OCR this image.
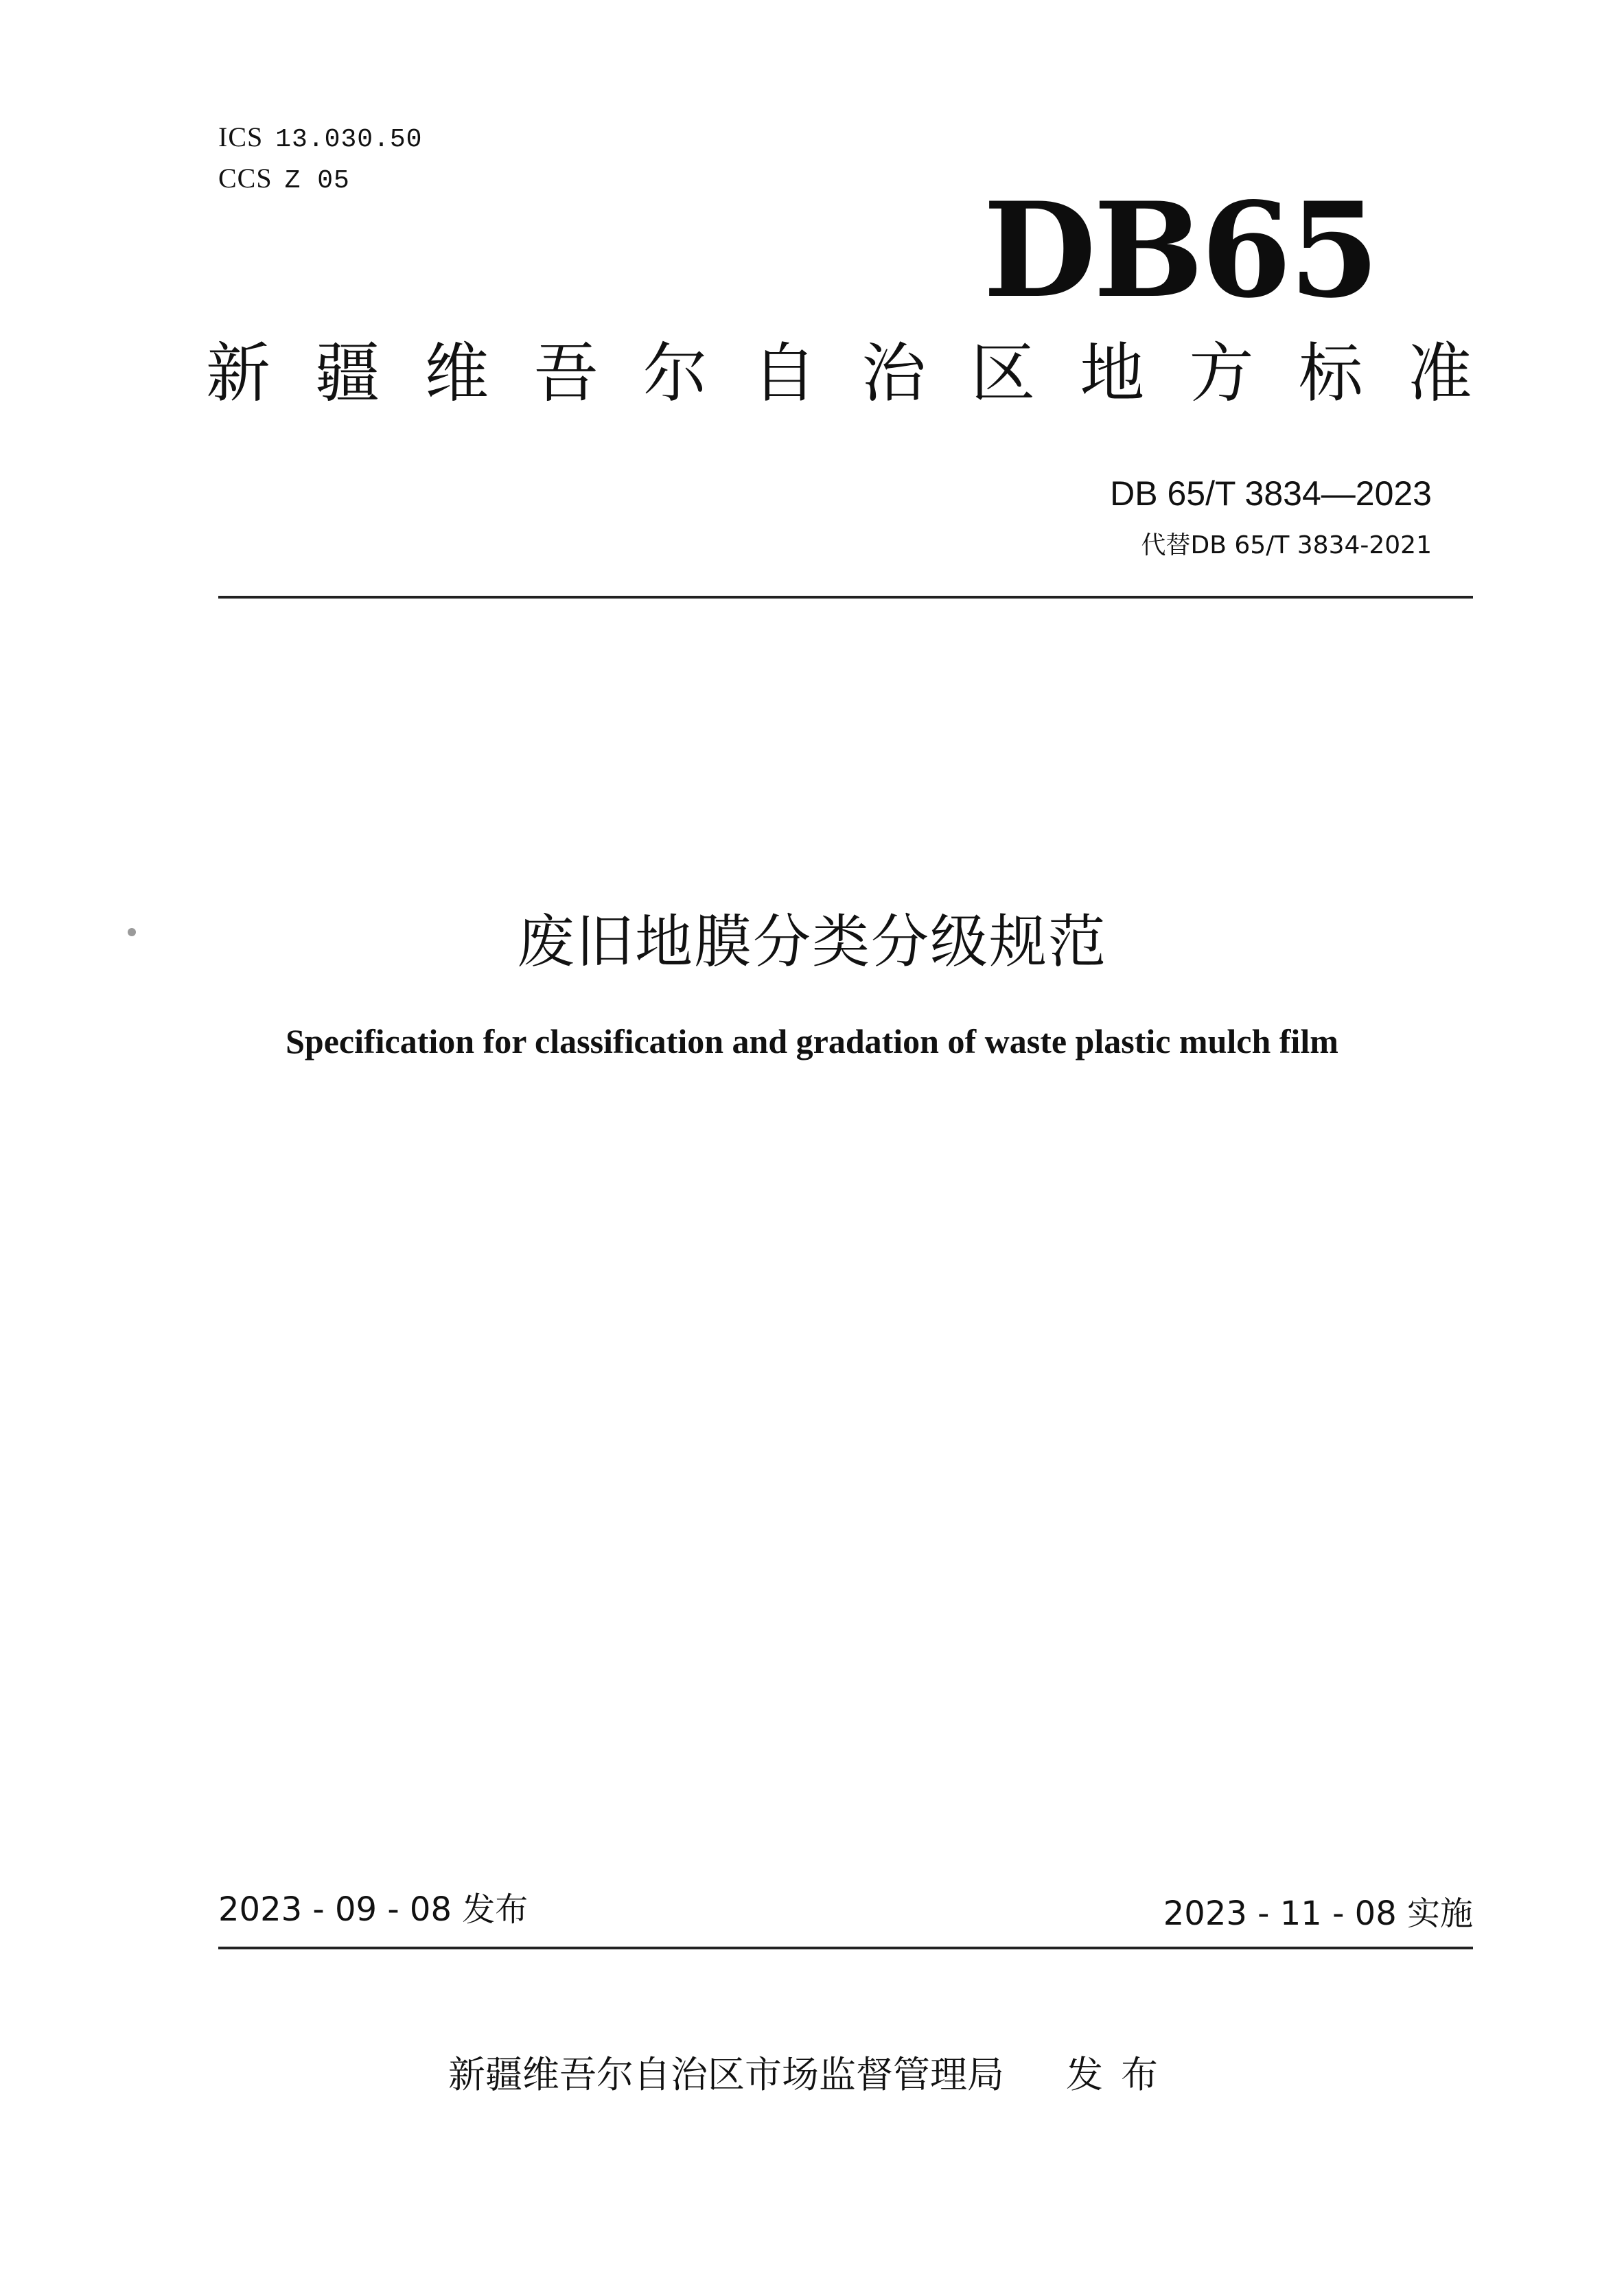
ICS 13.030.50
CCS Z 05	DB65
新 疆 维 吾 尔 自 治 区 地 方 标 准
DB 65/T 3834—2023
代替DB 65/T 3834-2021
废旧地膜分类分级规范
Specification for classification and gradation of waste plastic mulch film
2023 - 09 - 08 发布	2023 - 11 - 08 实施
新疆维吾尔自治区市场监督管理局 发布
